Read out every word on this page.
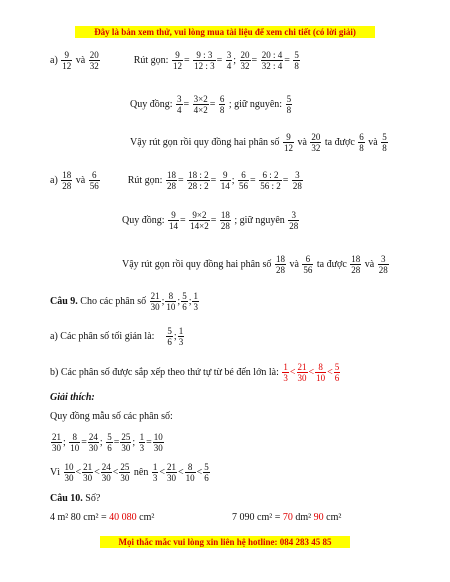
Đây là bản xem thử, vui lòng mua tài liệu để xem chi tiết (có lời giải)
$a) \frac{9}{12}$ và $\frac{20}{32}$	Rút gọn: $\frac{9}{12} = \frac{9 : 3}{12 : 3} = \frac{3}{4}$ ; $\frac{20}{32} = \frac{20 : 4}{32 : 4} = \frac{5}{8}$
Quy đồng: $\frac{3}{4} = \frac{3\times 2}{4\times 2} = \frac{6}{8}$ ; giữ nguyên: $\frac{5}{8}$
Vậy rút gọn rồi quy đồng hai phân số $\frac{9}{12}$ và $\frac{20}{32}$ ta được $\frac{6}{8}$ và $\frac{5}{8}$
$a) \frac{18}{28}$ và $\frac{6}{56}$	Rút gọn: $\frac{18}{28} = \frac{18 : 2}{28 : 2} = \frac{9}{14}$ ; $\frac{6}{56} = \frac{6 : 2}{56 : 2} = \frac{3}{28}$
Quy đồng: $\frac{9}{14} = \frac{9\times 2}{14\times 2} = \frac{18}{28}$ ; giữ nguyên $\frac{3}{28}$
Vậy rút gọn rồi quy đồng hai phân số $\frac{18}{28}$ và $\frac{6}{56}$ ta được $\frac{18}{28}$ và $\frac{3}{28}$
Câu 9. Cho các phân số $\frac{21}{30}$ ; $\frac{8}{10}$ ; $\frac{5}{6}$ ; $\frac{1}{3}$
a) Các phân số tối giản là: $\frac{5}{6}$ ; $\frac{1}{3}$
b) Các phân số được sắp xếp theo thứ tự từ bé đến lớn là: $\frac{1}{3} < \frac{21}{30} < \frac{8}{10} < \frac{5}{6}$
Giải thích:
Quy đồng mẫu số các phân số:
$\frac{21}{30}$ ; $\frac{8}{10} = \frac{24}{30}$ ; $\frac{5}{6} = \frac{25}{30}$ ; $\frac{1}{3} = \frac{10}{30}$
Vì $\frac{10}{30} < \frac{21}{30} < \frac{24}{30} < \frac{25}{30}$ nên $\frac{1}{3} < \frac{21}{30} < \frac{8}{10} < \frac{5}{6}$
Câu 10. Số?
4 m² 80 cm² = 40 080 cm²	7 090 cm² = 70 dm² 90 cm²
Mọi thắc mắc vui lòng xin liên hệ hotline: 084 283 45 85
